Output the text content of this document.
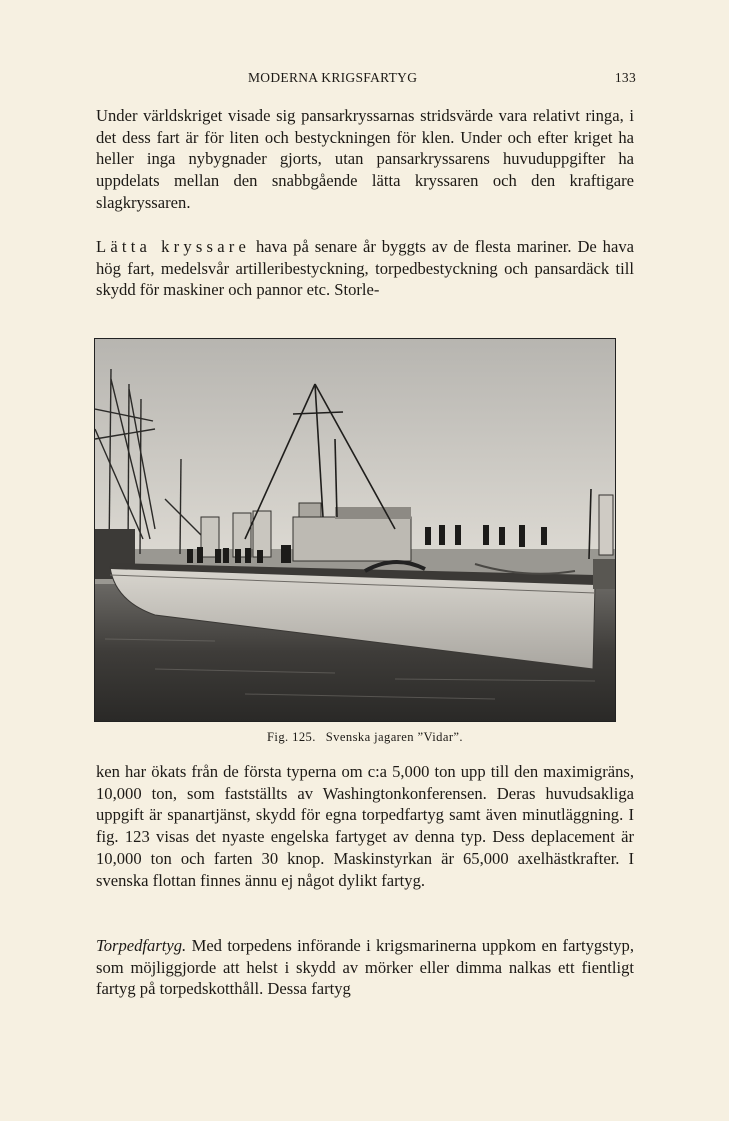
MODERNA KRIGSFARTYG	133

Under världskriget visade sig pansarkryssarnas stridsvärde vara relativt ringa, i det dess fart är för liten och bestyckningen för klen. Under och efter kriget ha heller inga nybygnader gjorts, utan pansarkryssarens huvuduppgifter ha uppdelats mellan den snabbgående lätta kryssaren och den kraftigare slagkryssaren.

Lätta kryssare hava på senare år byggts av de flesta mariner. De hava hög fart, medelsvår artilleribestyckning, torpedbestyckning och pansardäck till skydd för maskiner och pannor etc. Storle-

Fig. 125. Svenska jagaren ”Vidar”.

ken har ökats från de första typerna om c:a 5,000 ton upp till den maximigräns, 10,000 ton, som fastställts av Washingtonkonferensen. Deras huvudsakliga uppgift är spanartjänst, skydd för egna torpedfartyg samt även minutläggning. I fig. 123 visas det nyaste engelska fartyget av denna typ. Dess deplacement är 10,000 ton och farten 30 knop. Maskinstyrkan är 65,000 axelhästkrafter. I svenska flottan finnes ännu ej något dylikt fartyg.

Torpedfartyg. Med torpedens införande i krigsmarinerna uppkom en fartygstyp, som möjliggjorde att helst i skydd av mörker eller dimma nalkas ett fientligt fartyg på torpedskotthåll. Dessa fartyg
